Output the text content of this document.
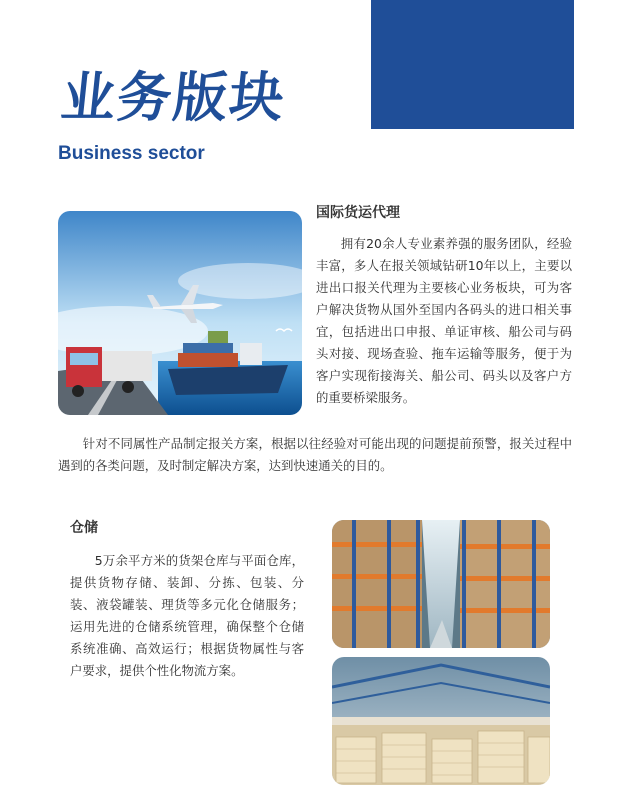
业务版块
Business sector
国际货运代理

拥有20余人专业素养强的服务团队，经验丰富，多人在报关领域钻研10年以上，主要以进出口报关代理为主要核心业务板块，可为客户解决货物从国外至国内各码头的进口相关事宜，包括进出口申报、单证审核、船公司与码头对接、现场查验、拖车运输等服务，便于为客户实现衔接海关、船公司、码头以及客户方的重要桥梁服务。

针对不同属性产品制定报关方案，根据以往经验对可能出现的问题提前预警，报关过程中遇到的各类问题，及时制定解决方案，达到快速通关的目的。

仓储

5万余平方米的货架仓库与平面仓库，提供货物存储、装卸、分拣、包装、分装、液袋罐装、理货等多元化仓储服务；运用先进的仓储系统管理，确保整个仓储系统准确、高效运行；根据货物属性与客户要求，提供个性化物流方案。
